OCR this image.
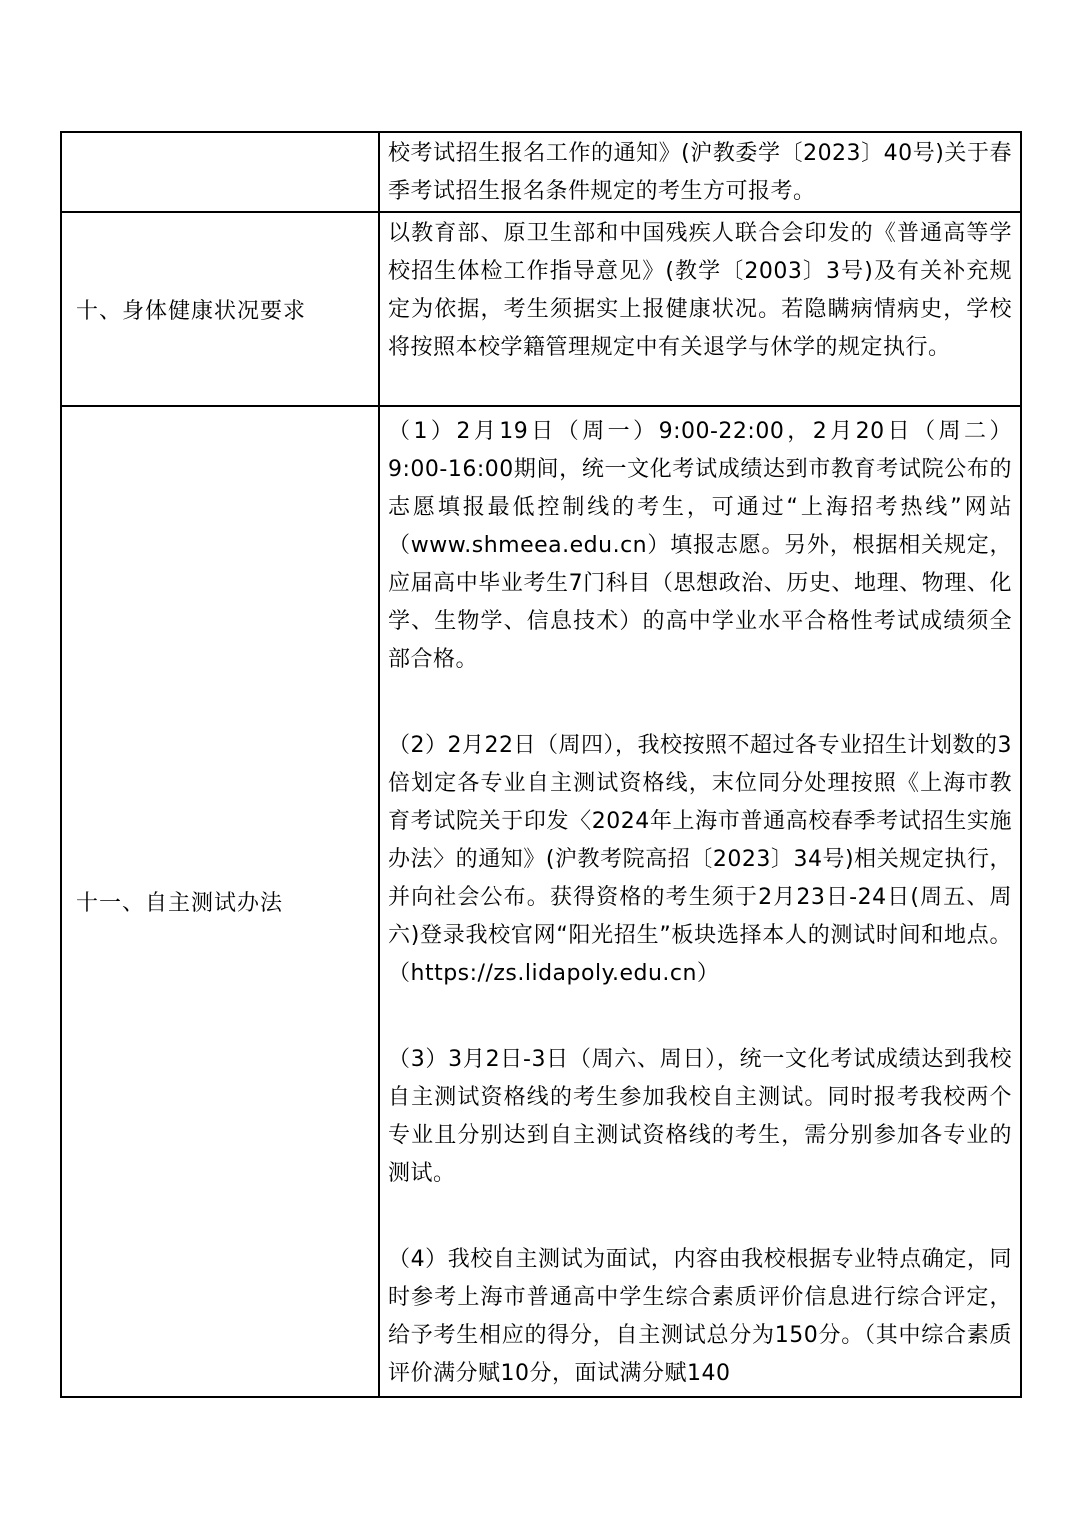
	校考试招生报名工作的通知》(沪教委学〔2023〕40号)关于春季考试招生报名条件规定的考生方可报考。

十、身体健康状况要求	以教育部、原卫生部和中国残疾人联合会印发的《普通高等学校招生体检工作指导意见》(教学〔2003〕3号)及有关补充规定为依据，考生须据实上报健康状况。若隐瞒病情病史，学校将按照本校学籍管理规定中有关退学与休学的规定执行。

十一、自主测试办法	（1）2月19日（周一）9:00-22:00，2月20日（周二）9:00-16:00期间，统一文化考试成绩达到市教育考试院公布的志愿填报最低控制线的考生，可通过“上海招考热线”网站（www.shmeea.edu.cn）填报志愿。另外，根据相关规定，应届高中毕业考生7门科目（思想政治、历史、地理、物理、化学、生物学、信息技术）的高中学业水平合格性考试成绩须全部合格。

（2）2月22日（周四），我校按照不超过各专业招生计划数的3倍划定各专业自主测试资格线，末位同分处理按照《上海市教育考试院关于印发〈2024年上海市普通高校春季考试招生实施办法〉的通知》(沪教考院高招〔2023〕34号)相关规定执行，并向社会公布。获得资格的考生须于2月23日-24日(周五、周六)登录我校官网“阳光招生”板块选择本人的测试时间和地点。（https://zs.lidapoly.edu.cn）

（3）3月2日-3日（周六、周日），统一文化考试成绩达到我校自主测试资格线的考生参加我校自主测试。同时报考我校两个专业且分别达到自主测试资格线的考生，需分别参加各专业的测试。

（4）我校自主测试为面试，内容由我校根据专业特点确定，同时参考上海市普通高中学生综合素质评价信息进行综合评定，给予考生相应的得分，自主测试总分为150分。（其中综合素质评价满分赋10分，面试满分赋140
